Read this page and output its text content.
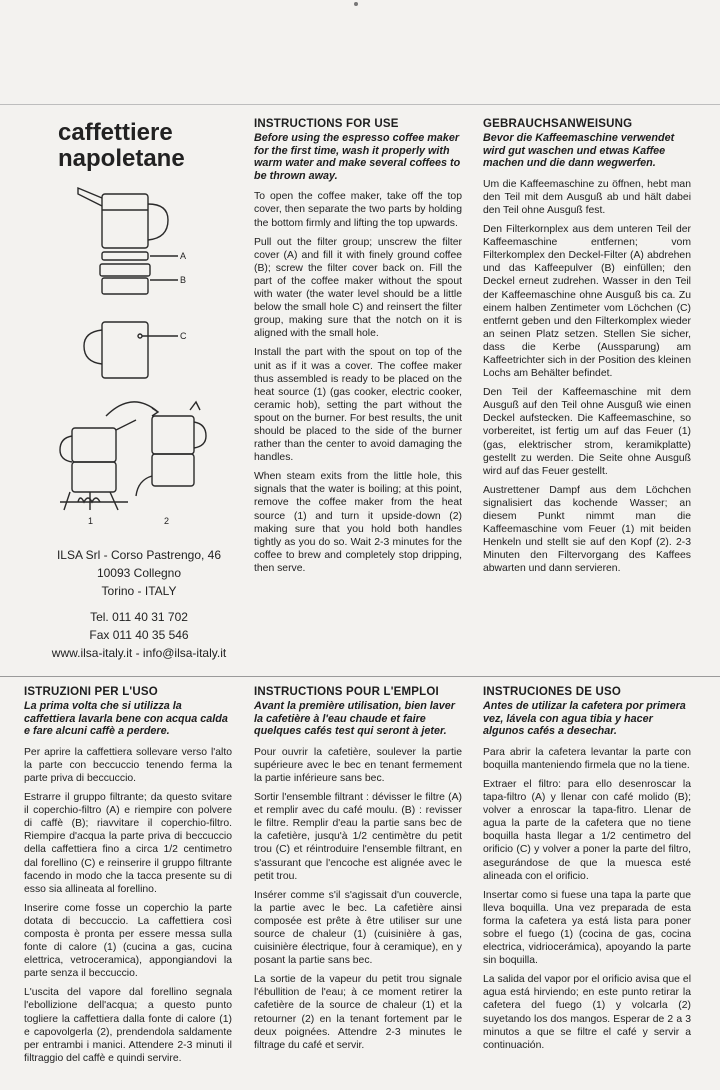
caffettiere
napoletane
A
B
C
1	2
ILSA Srl - Corso Pastrengo, 46
10093 Collegno
Torino - ITALY
Tel. 011 40 31 702
Fax 011 40 35 546
www.ilsa-italy.it - info@ilsa-italy.it
INSTRUCTIONS FOR USE
Before using the espresso coffee maker for the first time, wash it properly with warm water and make several coffees to be thrown away.

To open the coffee maker, take off the top cover, then separate the two parts by holding the bottom firmly and lifting the top upwards.

Pull out the filter group; unscrew the filter cover (A) and fill it with finely ground coffee (B); screw the filter cover back on. Fill the part of the coffee maker without the spout with water (the water level should be a little below the small hole C) and reinsert the filter group, making sure that the notch on it is aligned with the small hole.

Install the part with the spout on top of the unit as if it was a cover. The coffee maker thus assembled is ready to be placed on the heat source (1) (gas cooker, electric cooker, ceramic hob), setting the part without the spout on the burner. For best results, the unit should be placed to the side of the burner rather than the center to avoid damaging the handles.

When steam exits from the little hole, this signals that the water is boiling; at this point, remove the coffee maker from the heat source (1) and turn it upside-down (2) making sure that you hold both handles tightly as you do so. Wait 2-3 minutes for the coffee to brew and completely stop dripping, then serve.

GEBRAUCHSANWEISUNG
Bevor die Kaffeemaschine verwendet wird gut waschen und etwas Kaffee machen und die dann wegwerfen.

Um die Kaffeemaschine zu öffnen, hebt man den Teil mit dem Ausguß ab und hält dabei den Teil ohne Ausguß fest.

Den Filterkornplex aus dem unteren Teil der Kaffeemaschine entfernen; vom Filterkomplex den Deckel-Filter (A) abdrehen und das Kaffeepulver (B) einfüllen; den Deckel erneut zudrehen. Wasser in den Teil der Kaffeemaschine ohne Ausguß bis ca. Zu einem halben Zentimeter vom Löchchen (C) entfernt geben und den Filterkomplex wieder an seinen Platz setzen. Stellen Sie sicher, dass die Kerbe (Aussparung) am Kaffeetrichter sich in der Position des kleinen Lochs am Behälter befindet.

Den Teil der Kaffeemaschine mit dem Ausguß auf den Teil ohne Ausguß wie einen Deckel aufstecken. Die Kaffeemaschine, so vorbereitet, ist fertig um auf das Feuer (1) (gas, elektrischer strom, keramikplatte) gestellt zu werden. Die Seite ohne Ausguß wird auf das Feuer gestellt.

Austrettener Dampf aus dem Löchchen signalisiert das kochende Wasser; an diesem Punkt nimmt man die Kaffeemaschine vom Feuer (1) mit beiden Henkeln und stellt sie auf den Kopf (2). 2-3 Minuten den Filtervorgang des Kaffees abwarten und dann servieren.

ISTRUZIONI PER L'USO
La prima volta che si utilizza la caffettiera lavarla bene con acqua calda e fare alcuni caffè a perdere.

Per aprire la caffettiera sollevare verso l'alto la parte con beccuccio tenendo ferma la parte priva di beccuccio.

Estrarre il gruppo filtrante; da questo svitare il coperchio-filtro (A) e riempire con polvere di caffè (B); riavvitare il coperchio-filtro. Riempire d'acqua la parte priva di beccuccio della caffettiera fino a circa 1/2 centimetro dal forellino (C) e reinserire il gruppo filtrante facendo in modo che la tacca presente su di esso sia allineata al forellino.

Inserire come fosse un coperchio la parte dotata di beccuccio. La caffettiera così composta è pronta per essere messa sulla fonte di calore (1) (cucina a gas, cucina elettrica, vetroceramica), appongiandovi la parte senza il beccuccio.

L'uscita del vapore dal forellino segnala l'ebollizione dell'acqua; a questo punto togliere la caffettiera dalla fonte di calore (1) e capovolgerla (2), prendendola saldamente per entrambi i manici. Attendere 2-3 minuti il filtraggio del caffè e quindi servire.

INSTRUCTIONS POUR L'EMPLOI
Avant la première utilisation, bien laver la cafetière à l'eau chaude et faire quelques cafés test qui seront à jeter.

Pour ouvrir la cafetière, soulever la partie supérieure avec le bec en tenant fermement la partie inférieure sans bec.

Sortir l'ensemble filtrant : dévisser le filtre (A) et remplir avec du café moulu. (B) : revisser le filtre. Remplir d'eau la partie sans bec de la cafetière, jusqu'à 1/2 centimètre du petit trou (C) et réintroduire l'ensemble filtrant, en s'assurant que l'encoche est alignée avec le petit trou.

Insérer comme s'il s'agissait d'un couvercle, la partie avec le bec. La cafetière ainsi composée est prête à être utiliser sur une source de chaleur (1) (cuisinière à gas, cuisinière électrique, four à ceramique), en y posant la partie sans bec.

La sortie de la vapeur du petit trou signale l'ébullition de l'eau; à ce moment retirer la cafetière de la source de chaleur (1) et la retourner (2) en la tenant fortement par le deux poignées. Attendre 2-3 minutes le filtrage du café et servir.

INSTRUCIONES DE USO
Antes de utilizar la cafetera por primera vez, lávela con agua tibia y hacer algunos cafés a desechar.

Para abrir la cafetera levantar la parte con boquilla manteniendo firmela que no la tiene.

Extraer el filtro: para ello desenroscar la tapa-filtro (A) y llenar con café molido (B); volver a enroscar la tapa-fitro. Llenar de agua la parte de la cafetera que no tiene boquilla hasta llegar a 1/2 centimetro del orificio (C) y volver a poner la parte del filtro, asegurándose de que la muesca esté alineada con el orificio.

Insertar como si fuese una tapa la parte que lleva boquilla. Una vez preparada de esta forma la cafetera ya está lista para poner sobre el fuego (1) (cocina de gas, cocina electrica, vidriocerámica), apoyando la parte sin boquilla.

La salida del vapor por el orificio avisa que el agua está hirviendo; en este punto retirar la cafetera del fuego (1) y volcarla (2) suyetando los dos mangos. Esperar de 2 a 3 minutos a que se filtre el café y servir a continuación.
